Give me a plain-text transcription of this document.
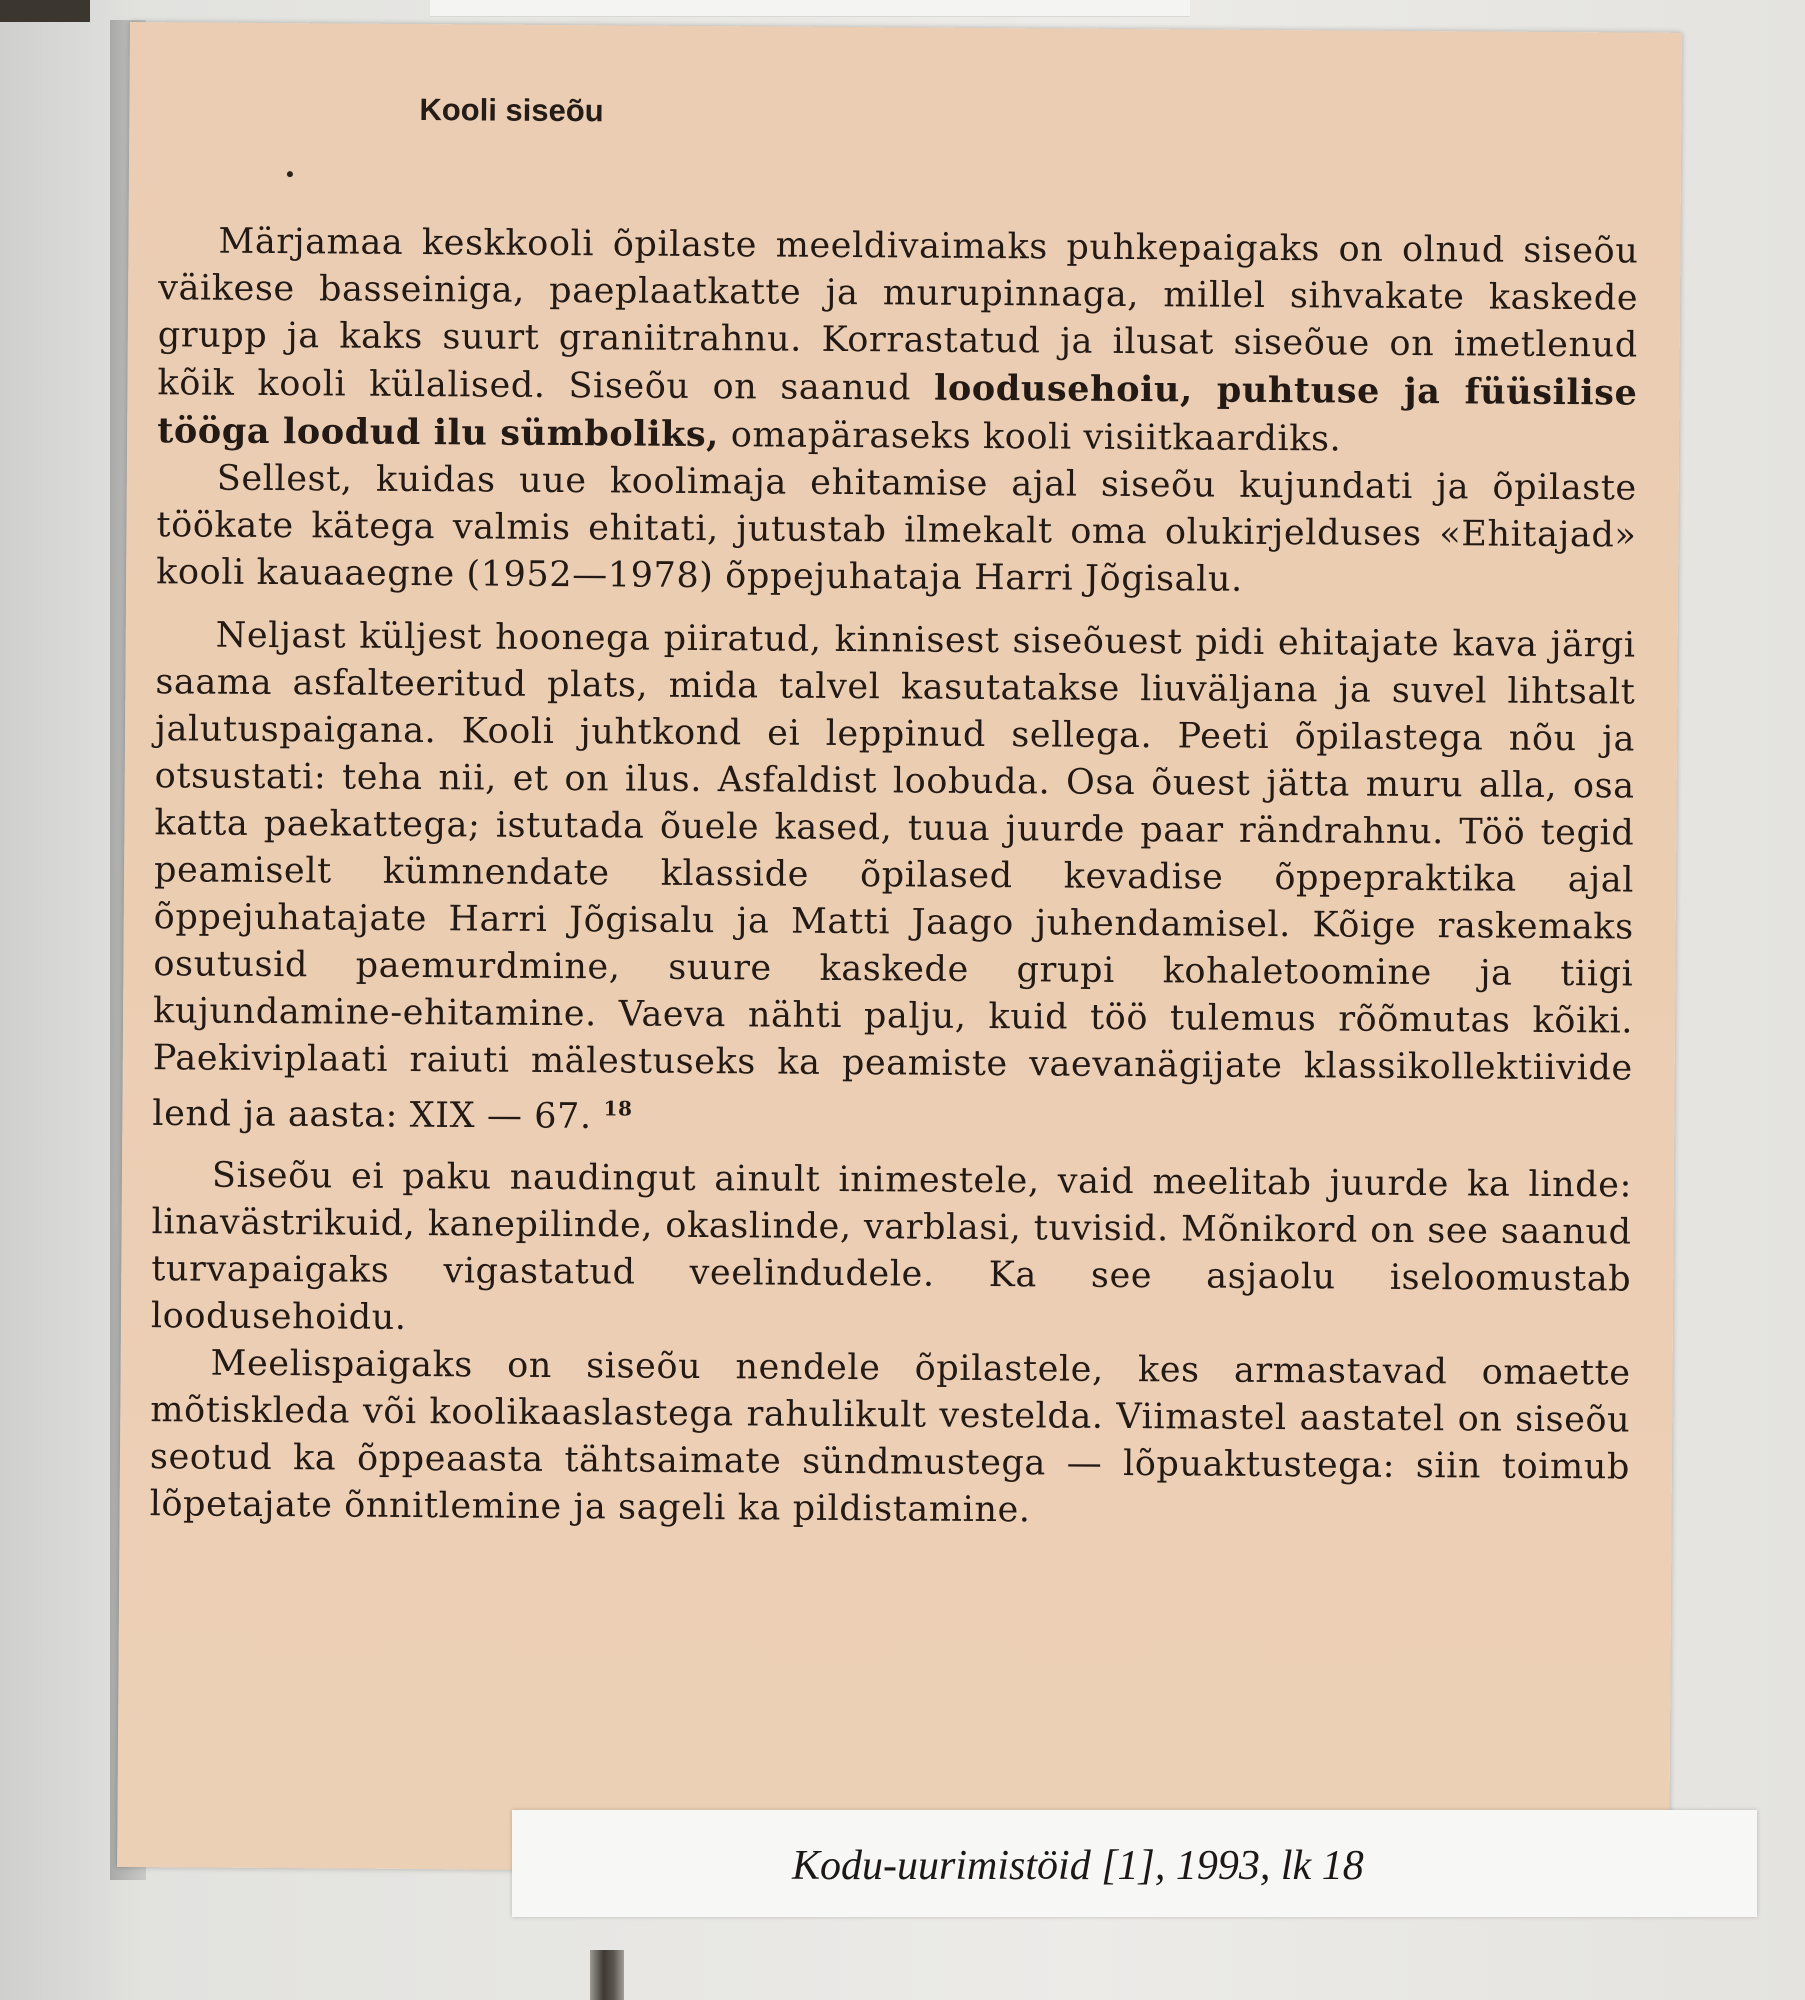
Kooli siseõu

Märjamaa keskkooli õpilaste meeldivaimaks puhkepaigaks on olnud siseõu väikese basseiniga, paeplaatkatte ja murupinnaga, millel sihvakate kaskede grupp ja kaks suurt graniitrahnu. Korrastatud ja ilusat siseõue on imetlenud kõik kooli külalised. Siseõu on saanud loodusehoiu, puhtuse ja füüsilise tööga loodud ilu sümboliks, omapäraseks kooli visiitkaardiks.

Sellest, kuidas uue koolimaja ehitamise ajal siseõu kujundati ja õpilaste töökate kätega valmis ehitati, jutustab ilmekalt oma olukirjelduses «Ehitajad» kooli kauaaegne (1952—1978) õppejuhataja Harri Jõgisalu.

Neljast küljest hoonega piiratud, kinnisest siseõuest pidi ehitajate kava järgi saama asfalteeritud plats, mida talvel kasutatakse liuväljana ja suvel lihtsalt jalutuspaigana. Kooli juhtkond ei leppinud sellega. Peeti õpilastega nõu ja otsustati: teha nii, et on ilus. Asfaldist loobuda. Osa õuest jätta muru alla, osa katta paekattega; istutada õuele kased, tuua juurde paar rändrahnu. Töö tegid peamiselt kümnendate klasside õpilased kevadise õppepraktika ajal õppejuhatajate Harri Jõgisalu ja Matti Jaago juhendamisel. Kõige raskemaks osutusid paemurdmine, suure kaskede grupi kohaletoomine ja tiigi kujundamine-ehitamine. Vaeva nähti palju, kuid töö tulemus rõõmutas kõiki. Paekiviplaati raiuti mälestuseks ka peamiste vaevanägijate klassikollektiivide lend ja aasta: XIX — 67. $^{18}$

Siseõu ei paku naudingut ainult inimestele, vaid meelitab juurde ka linde: linavästrikuid, kanepilinde, okaslinde, varblasi, tuvisid. Mõnikord on see saanud turvapaigaks vigastatud veelindudele. Ka see asjaolu iseloomustab loodusehoidu.

Meelispaigaks on siseõu nendele õpilastele, kes armastavad omaette mõtiskleda või koolikaaslastega rahulikult vestelda. Viimastel aastatel on siseõu seotud ka õppeaasta tähtsaimate sündmustega — lõpuaktustega: siin toimub lõpetajate õnnitlemine ja sageli ka pildistamine.

Kodu-uurimistöid [1], 1993, lk 18
